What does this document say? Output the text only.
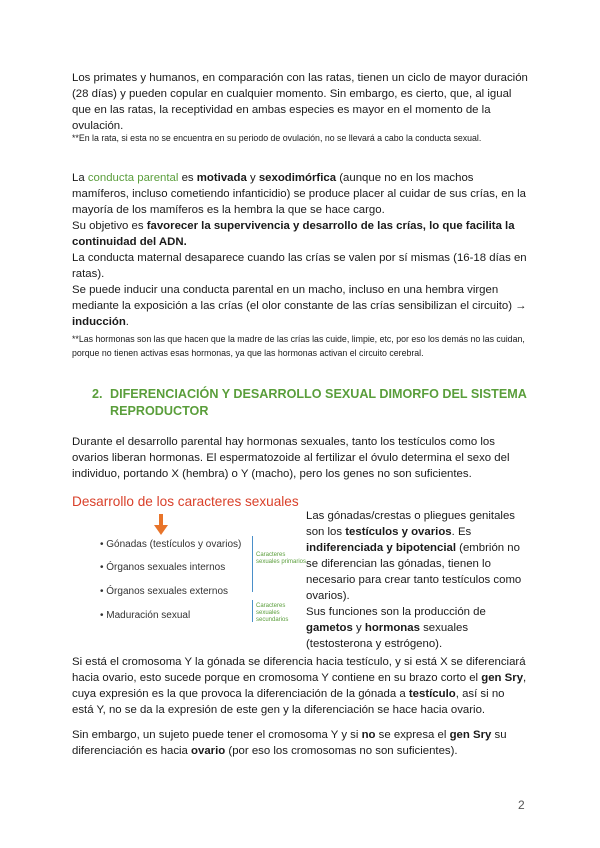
Los primates y humanos, en comparación con las ratas, tienen un ciclo de mayor duración (28 días) y pueden copular en cualquier momento. Sin embargo, es cierto, que, al igual que en las ratas, la receptividad en ambas especies es mayor en el momento de la ovulación.

**En la rata, si esta no se encuentra en su periodo de ovulación, no se llevará a cabo la conducta sexual.

La conducta parental es motivada y sexodimórfica (aunque no en los machos mamíferos, incluso cometiendo infanticidio) se produce placer al cuidar de sus crías, en la mayoría de los mamíferos es la hembra la que se hace cargo.
Su objetivo es favorecer la supervivencia y desarrollo de las crías, lo que facilita la continuidad del ADN.
La conducta maternal desaparece cuando las crías se valen por sí mismas (16-18 días en ratas).
Se puede inducir una conducta parental en un macho, incluso en una hembra virgen mediante la exposición a las crías (el olor constante de las crías sensibilizan el circuito) → inducción.

**Las hormonas son las que hacen que la madre de las crías las cuide, limpie, etc, por eso los demás no las cuidan, porque no tienen activas esas hormonas, ya que las hormonas activan el circuito cerebral.

2. DIFERENCIACIÓN Y DESARROLLO SEXUAL DIMORFO DEL SISTEMA REPRODUCTOR

Durante el desarrollo parental hay hormonas sexuales, tanto los testículos como los ovarios liberan hormonas. El espermatozoide al fertilizar el óvulo determina el sexo del individuo, portando X (hembra) o Y (macho), pero los genes no son suficientes.

Desarrollo de los caracteres sexuales
• Gónadas (testículos y ovarios)
• Órganos sexuales internos
• Órganos sexuales externos
• Maduración sexual
Caracteres sexuales primarios
Caracteres sexuales secundarios

Las gónadas/crestas o pliegues genitales son los testículos y ovarios. Es indiferenciada y bipotencial (embrión no se diferencian las gónadas, tienen lo necesario para crear tanto testículos como ovarios).
Sus funciones son la producción de gametos y hormonas sexuales (testosterona y estrógeno).

Si está el cromosoma Y la gónada se diferencia hacia testículo, y si está X se diferenciará hacia ovario, esto sucede porque en cromosoma Y contiene en su brazo corto el gen Sry, cuya expresión es la que provoca la diferenciación de la gónada a testículo, así si no está Y, no se da la expresión de este gen y la diferenciación se hace hacia ovario.

Sin embargo, un sujeto puede tener el cromosoma Y y si no se expresa el gen Sry su diferenciación es hacia ovario (por eso los cromosomas no son suficientes).

2
